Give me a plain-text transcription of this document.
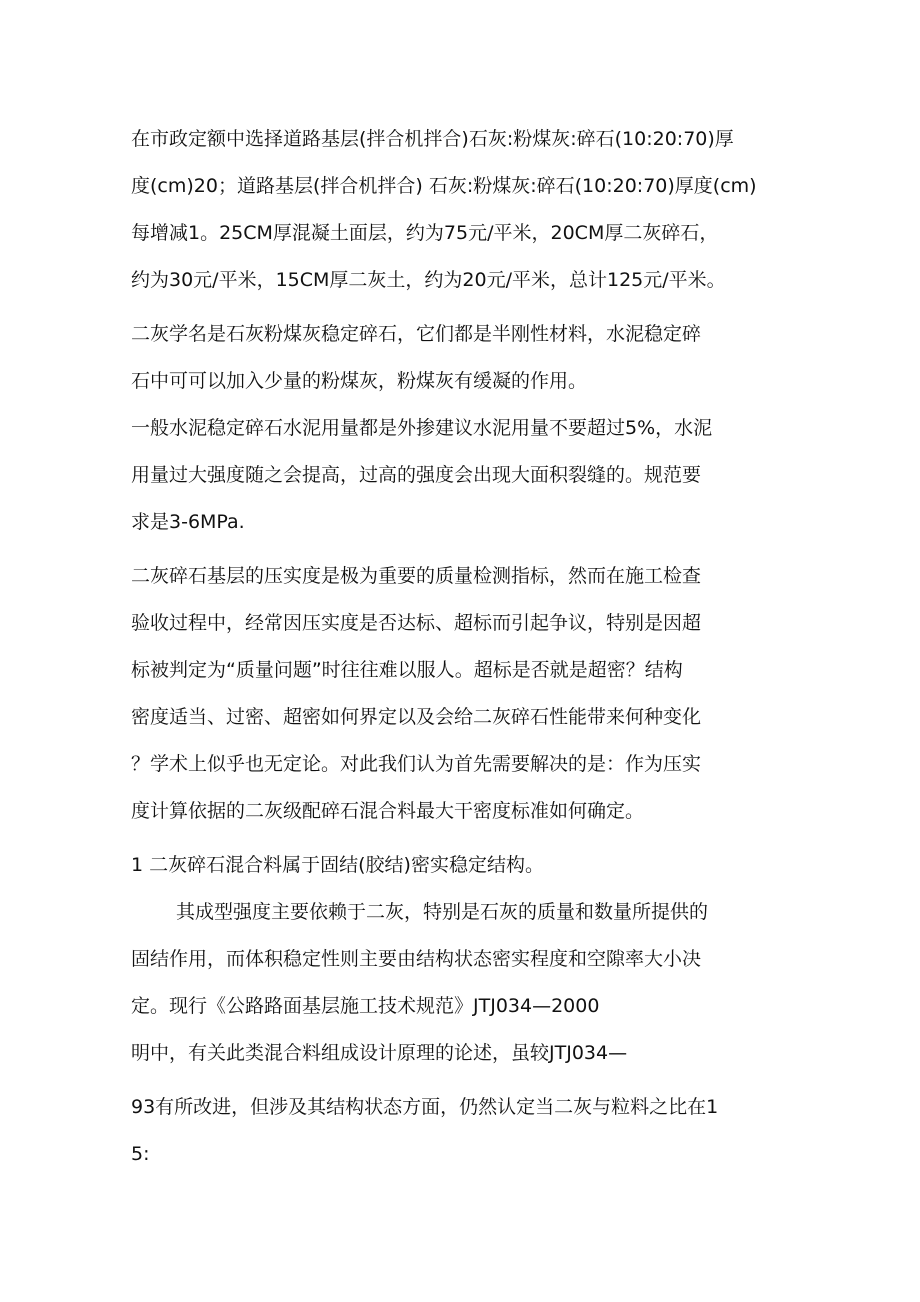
在市政定额中选择道路基层(拌合机拌合)石灰:粉煤灰:碎石(10:20:70)厚
度(cm)20；道路基层(拌合机拌合) 石灰:粉煤灰:碎石(10:20:70)厚度(cm)
每增减1。25CM厚混凝土面层，约为75元/平米，20CM厚二灰碎石，
约为30元/平米，15CM厚二灰土，约为20元/平米，总计125元/平米。
二灰学名是石灰粉煤灰稳定碎石，它们都是半刚性材料，水泥稳定碎
石中可可以加入少量的粉煤灰，粉煤灰有缓凝的作用。
一般水泥稳定碎石水泥用量都是外掺建议水泥用量不要超过5%，水泥
用量过大强度随之会提高，过高的强度会出现大面积裂缝的。规范要
求是3-6MPa.
二灰碎石基层的压实度是极为重要的质量检测指标，然而在施工检查
验收过程中，经常因压实度是否达标、超标而引起争议，特别是因超
标被判定为“质量问题”时往往难以服人。超标是否就是超密？结构
密度适当、过密、超密如何界定以及会给二灰碎石性能带来何种变化
？学术上似乎也无定论。对此我们认为首先需要解决的是：作为压实
度计算依据的二灰级配碎石混合料最大干密度标准如何确定。
1 二灰碎石混合料属于固结(胶结)密实稳定结构。
其成型强度主要依赖于二灰，特别是石灰的质量和数量所提供的
固结作用，而体积稳定性则主要由结构状态密实程度和空隙率大小决
定。现行《公路路面基层施工技术规范》JTJ034—2000
明中，有关此类混合料组成设计原理的论述，虽较JTJ034—
93有所改进，但涉及其结构状态方面，仍然认定当二灰与粒料之比在1
5:
